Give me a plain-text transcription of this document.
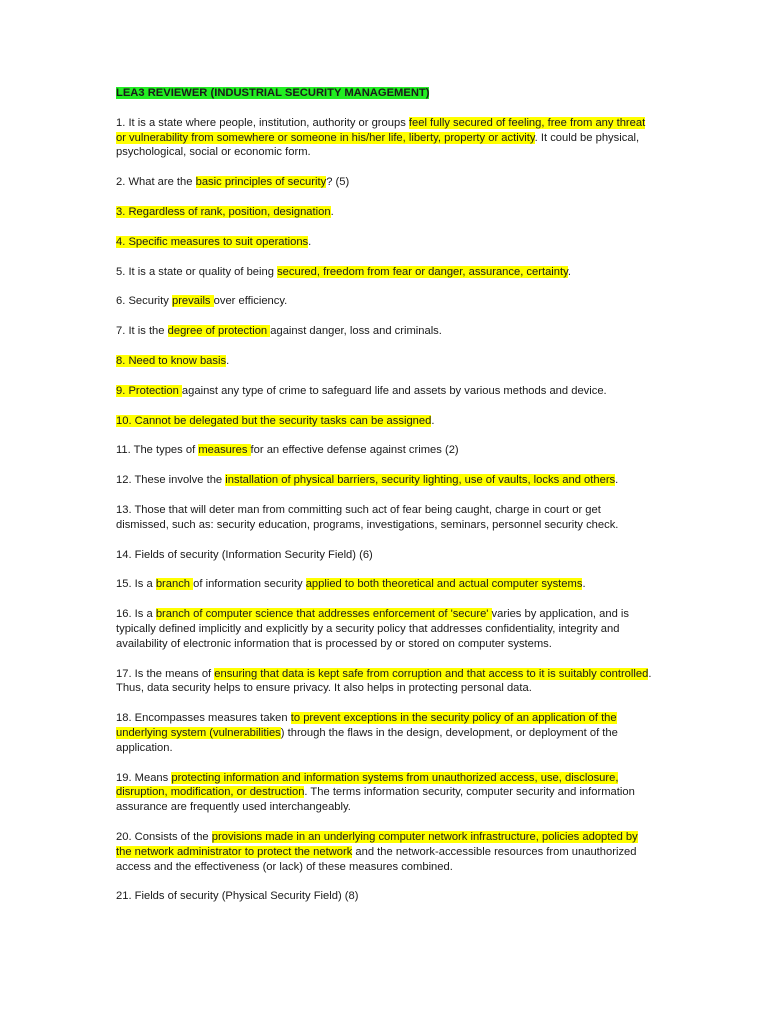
LEA3 REVIEWER (INDUSTRIAL SECURITY MANAGEMENT)

1. It is a state where people, institution, authority or groups feel fully secured of feeling, free from any threat or vulnerability from somewhere or someone in his/her life, liberty, property or activity. It could be physical, psychological, social or economic form.

2. What are the basic principles of security? (5)

3. Regardless of rank, position, designation.

4. Specific measures to suit operations.

5. It is a state or quality of being secured, freedom from fear or danger, assurance, certainty.

6. Security prevails over efficiency.

7. It is the degree of protection against danger, loss and criminals.

8. Need to know basis.

9. Protection against any type of crime to safeguard life and assets by various methods and device.

10. Cannot be delegated but the security tasks can be assigned.

11. The types of measures for an effective defense against crimes (2)

12. These involve the installation of physical barriers, security lighting, use of vaults, locks and others.

13. Those that will deter man from committing such act of fear being caught, charge in court or get dismissed, such as: security education, programs, investigations, seminars, personnel security check.

14. Fields of security (Information Security Field) (6)

15. Is a branch of information security applied to both theoretical and actual computer systems.

16. Is a branch of computer science that addresses enforcement of 'secure' varies by application, and is typically defined implicitly and explicitly by a security policy that addresses confidentiality, integrity and availability of electronic information that is processed by or stored on computer systems.

17. Is the means of ensuring that data is kept safe from corruption and that access to it is suitably controlled. Thus, data security helps to ensure privacy. It also helps in protecting personal data.

18. Encompasses measures taken to prevent exceptions in the security policy of an application of the underlying system (vulnerabilities) through the flaws in the design, development, or deployment of the application.

19. Means protecting information and information systems from unauthorized access, use, disclosure, disruption, modification, or destruction. The terms information security, computer security and information assurance are frequently used interchangeably.

20. Consists of the provisions made in an underlying computer network infrastructure, policies adopted by the network administrator to protect the network and the network-accessible resources from unauthorized access and the effectiveness (or lack) of these measures combined.

21. Fields of security (Physical Security Field) (8)
